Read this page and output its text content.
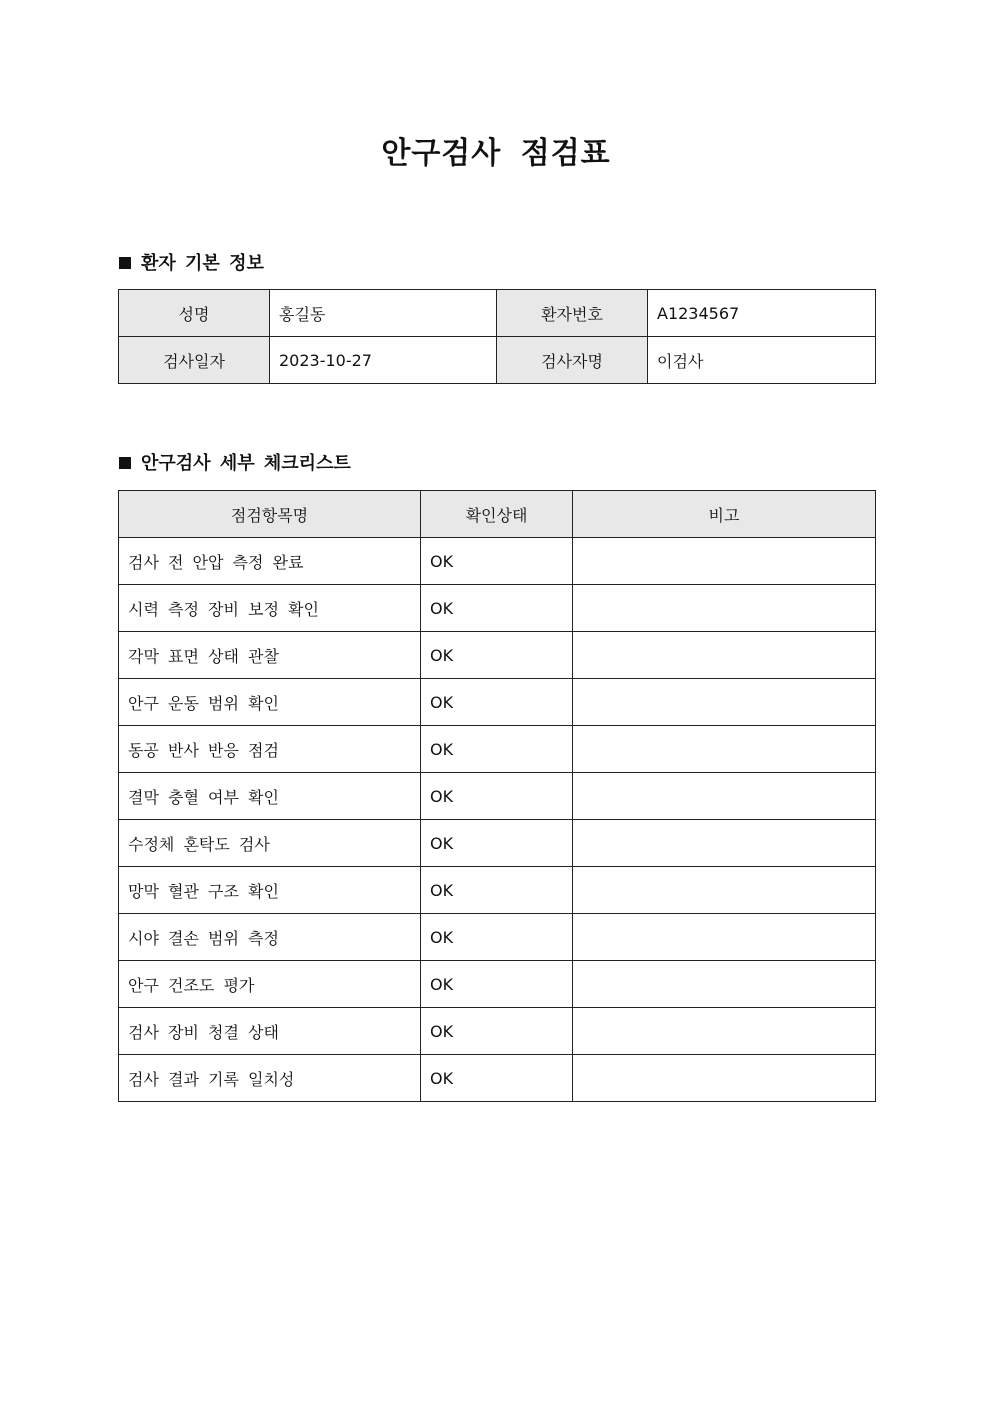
안구검사 점검표
환자 기본 정보
성명	홍길동	환자번호	A1234567
검사일자	2023-10-27	검사자명	이검사
안구검사 세부 체크리스트
점검항목명	확인상태	비고
검사 전 안압 측정 완료	OK	
시력 측정 장비 보정 확인	OK	
각막 표면 상태 관찰	OK	
안구 운동 범위 확인	OK	
동공 반사 반응 점검	OK	
결막 충혈 여부 확인	OK	
수정체 혼탁도 검사	OK	
망막 혈관 구조 확인	OK	
시야 결손 범위 측정	OK	
안구 건조도 평가	OK	
검사 장비 청결 상태	OK	
검사 결과 기록 일치성	OK	
